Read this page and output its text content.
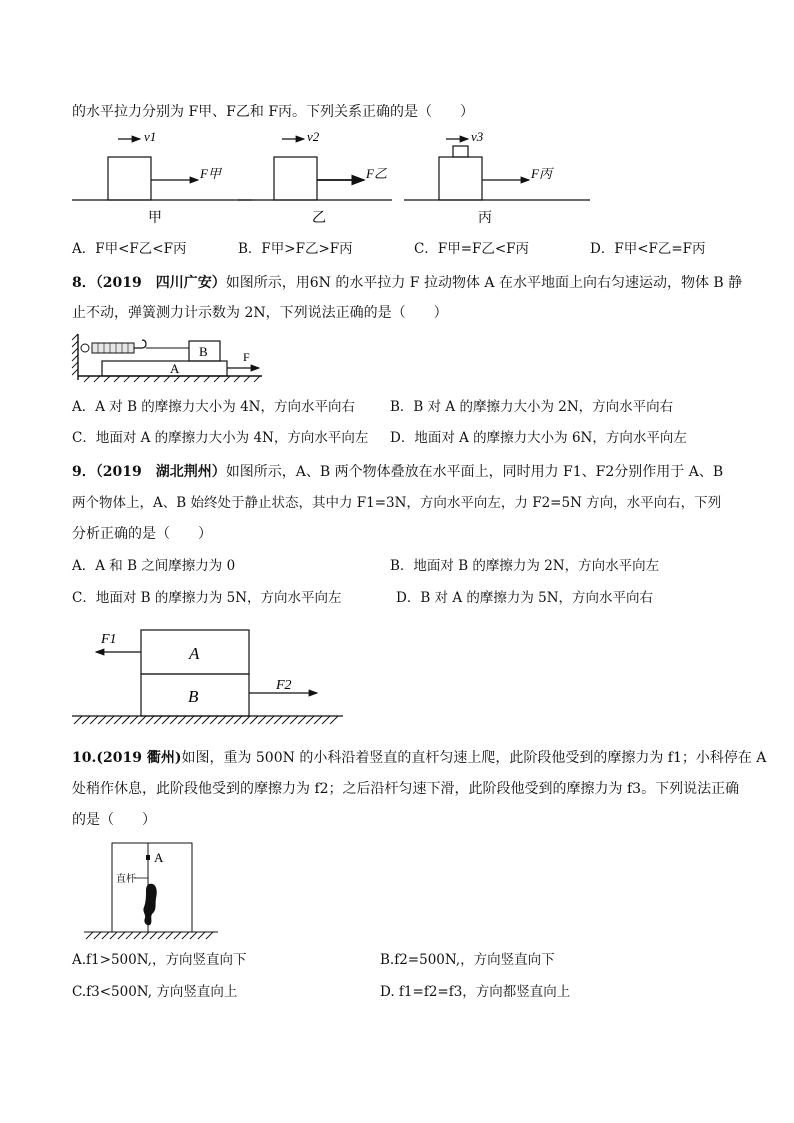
的水平拉力分别为 F甲、F乙和 F丙。下列关系正确的是（　　）
v1
F甲
甲
v2
F乙
乙
v3
F丙
丙
A．F甲<F乙<F丙	B．F甲>F乙>F丙	C．F甲=F乙<F丙	D．F甲<F乙=F丙
8．（2019　四川广安）如图所示，用6N 的水平拉力 F 拉动物体 A 在水平地面上向右匀速运动，物体 B 静
止不动，弹簧测力计示数为 2N，下列说法正确的是（　　）
B
A
F
A．A 对 B 的摩擦力大小为 4N，方向水平向右	B．B 对 A 的摩擦力大小为 2N，方向水平向右
C．地面对 A 的摩擦力大小为 4N，方向水平向左 D．地面对 A 的摩擦力大小为 6N，方向水平向左
9．（2019　湖北荆州）如图所示，A、B 两个物体叠放在水平面上，同时用力 F1、F2分别作用于 A、B
两个物体上，A、B 始终处于静止状态，其中力 F1=3N，方向水平向左，力 F2=5N 方向，水平向右，下列
分析正确的是（　　）
A．A 和 B 之间摩擦力为 0	B．地面对 B 的摩擦力为 2N，方向水平向左
C．地面对 B 的摩擦力为 5N，方向水平向左	D．B 对 A 的摩擦力为 5N，方向水平向右
A
B
F1
F2
10.(2019 衢州)如图，重为 500N 的小科沿着竖直的直杆匀速上爬，此阶段他受到的摩擦力为 f1；小科停在 A
处稍作休息，此阶段他受到的摩擦力为 f2；之后沿杆匀速下滑，此阶段他受到的摩擦力为 f3。下列说法正确
的是（　　）
A
直杆
A.f1>500N,，方向竖直向下	B.f2=500N,，方向竖直向下
C.f3<500N, 方向竖直向上	D. f1=f2=f3，方向都竖直向上
